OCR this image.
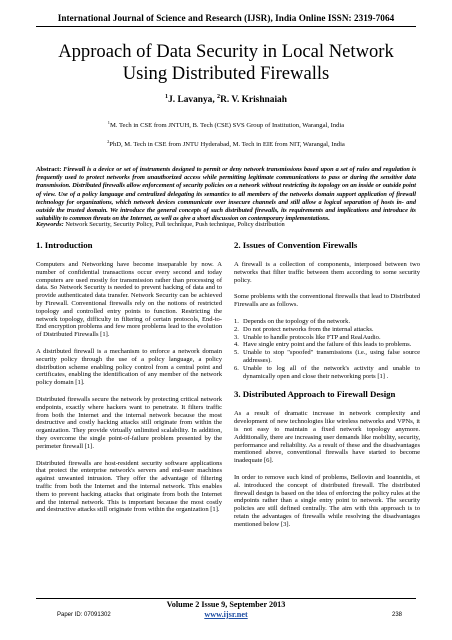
International Journal of Science and Research (IJSR), India Online ISSN: 2319-7064
Approach of Data Security in Local Network Using Distributed Firewalls
$^1$J. Lavanya, $^2$R. V. Krishnaiah
$^1$M. Tech in CSE from JNTUH, B. Tech (CSE) SVS Group of Institution, Warangal, India
$^2$PhD, M. Tech in CSE from JNTU Hyderabad, M. Tech in EIE from NIT, Warangal, India
Abstract: Firewall is a device or set of instruments designed to permit or deny network transmissions based upon a set of rules and regulation is frequently used to protect networks from unauthorized access while permitting legitimate communications to pass or during the sensitive data transmission. Distributed firewalls allow enforcement of security policies on a network without restricting its topology on an inside or outside point of view. Use of a policy language and centralized delegating its semantics to all members of the networks domain support application of firewall technology for organizations, which network devices communicate over insecure channels and still allow a logical separation of hosts in- and outside the trusted domain. We introduce the general concepts of such distributed firewalls, its requirements and implications and introduce its suitability to common threats on the Internet, as well as give a short discussion on contemporary implementations.
Keywords: Network Security, Security Policy, Pull technique, Push technique, Policy distribution
1. Introduction

Computers and Networking have become inseparable by now. A number of confidential transactions occur every second and today computers are used mostly for transmission rather than processing of data. So Network Security is needed to prevent hacking of data and to provide authenticated data transfer. Network Security can be achieved by Firewall. Conventional firewalls rely on the notions of restricted topology and controlled entry points to function. Restricting the network topology, difficulty in filtering of certain protocols, End-to-End encryption problems and few more problems lead to the evolution of Distributed Firewalls [1].

A distributed firewall is a mechanism to enforce a network domain security policy through the use of a policy language, a policy distribution scheme enabling policy control from a central point and certificates, enabling the identification of any member of the network policy domain [1].

Distributed firewalls secure the network by protecting critical network endpoints, exactly where hackers want to penetrate. It filters traffic from both the Internet and the internal network because the most destructive and costly hacking attacks still originate from within the organization. They provide virtually unlimited scalability. In addition, they overcome the single point-of-failure problem presented by the perimeter firewall [1].

Distributed firewalls are host-resident security software applications that protect the enterprise network's servers and end-user machines against unwanted intrusion. They offer the advantage of filtering traffic from both the Internet and the internal network. This enables them to prevent hacking attacks that originate from both the Internet and the internal network. This is important because the most costly and destructive attacks still originate from within the organization [1].

2. Issues of Convention Firewalls

A firewall is a collection of components, interposed between two networks that filter traffic between them according to some security policy.

Some problems with the conventional firewalls that lead to Distributed Firewalls are as follows.

1. Depends on the topology of the network.
2. Do not protect networks from the internal attacks.
3. Unable to handle protocols like FTP and RealAudio.
4. Have single entry point and the failure of this leads to problems.
5. Unable to stop "spoofed" transmissions (i.e., using false source addresses).
6. Unable to log all of the network's activity and unable to dynamically open and close their networking ports [1] .
3. Distributed Approach to Firewall Design

As a result of dramatic increase in network complexity and development of new technologies like wireless networks and VPNs, it is not easy to maintain a fixed network topology anymore. Additionally, there are increasing user demands like mobility, security, performance and reliability. As a result of these and the disadvantages mentioned above, conventional firewalls have started to become inadequate [6].

In order to remove such kind of problems, Bellovin and Ioannidis, et al. introduced the concept of distributed firewall. The distributed firewall design is based on the idea of enforcing the policy rules at the endpoints rather than a single entry point to network. The security policies are still defined centrally. The aim with this approach is to retain the advantages of firewalls while resolving the disadvantages mentioned below [3].

Volume 2 Issue 9, September 2013
Paper ID: 07091302	www.ijsr.net	238
